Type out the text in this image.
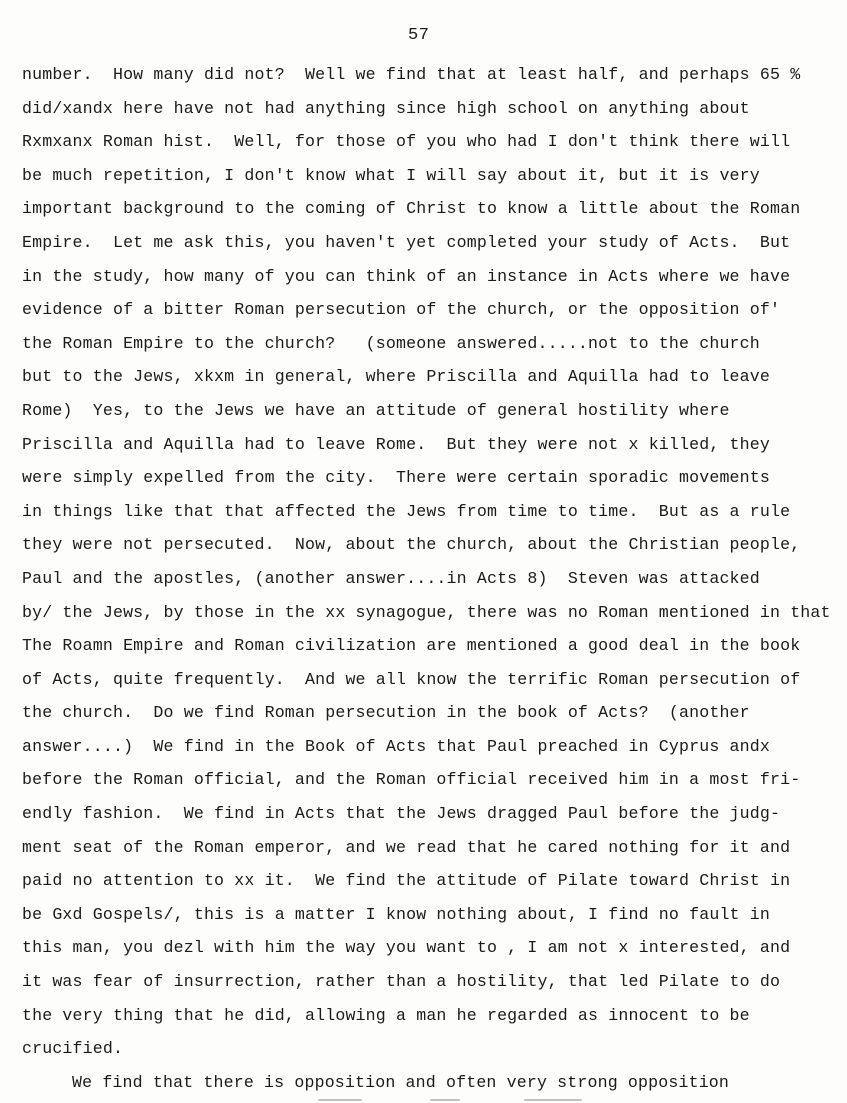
57
number.  How many did not?  Well we find that at least half, and perhaps 65 %
did/xandx here have not had anything since high school on anything about
Rxmxanx Roman hist.  Well, for those of you who had I don't think there will
be much repetition, I don't know what I will say about it, but it is very
important background to the coming of Christ to know a little about the Roman
Empire.  Let me ask this, you haven't yet completed your study of Acts.  But
in the study, how many of you can think of an instance in Acts where we have
evidence of a bitter Roman persecution of the church, or the opposition of'
the Roman Empire to the church?   (someone answered.....not to the church
but to the Jews, xkxm in general, where Priscilla and Aquilla had to leave
Rome)  Yes, to the Jews we have an attitude of general hostility where
Priscilla and Aquilla had to leave Rome.  But they were not x killed, they
were simply expelled from the city.  There were certain sporadic movements
in things like that that affected the Jews from time to time.  But as a rule
they were not persecuted.  Now, about the church, about the Christian people,
Paul and the apostles, (another answer....in Acts 8)  Steven was attacked
by/ the Jews, by those in the xx synagogue, there was no Roman mentioned in that
The Roamn Empire and Roman civilization are mentioned a good deal in the book
of Acts, quite frequently.  And we all know the terrific Roman persecution of
the church.  Do we find Roman persecution in the book of Acts?  (another
answer....)  We find in the Book of Acts that Paul preached in Cyprus andx
before the Roman official, and the Roman official received him in a most fri-
endly fashion.  We find in Acts that the Jews dragged Paul before the judg-
ment seat of the Roman emperor, and we read that he cared nothing for it and
paid no attention to xx it.  We find the attitude of Pilate toward Christ in
be Gxd Gospels/, this is a matter I know nothing about, I find no fault in
this man, you dezl with him the way you want to , I am not x interested, and
it was fear of insurrection, rather than a hostility, that led Pilate to do
the very thing that he did, allowing a man he regarded as innocent to be
crucified.
We find that there is opposition and often very strong opposition
